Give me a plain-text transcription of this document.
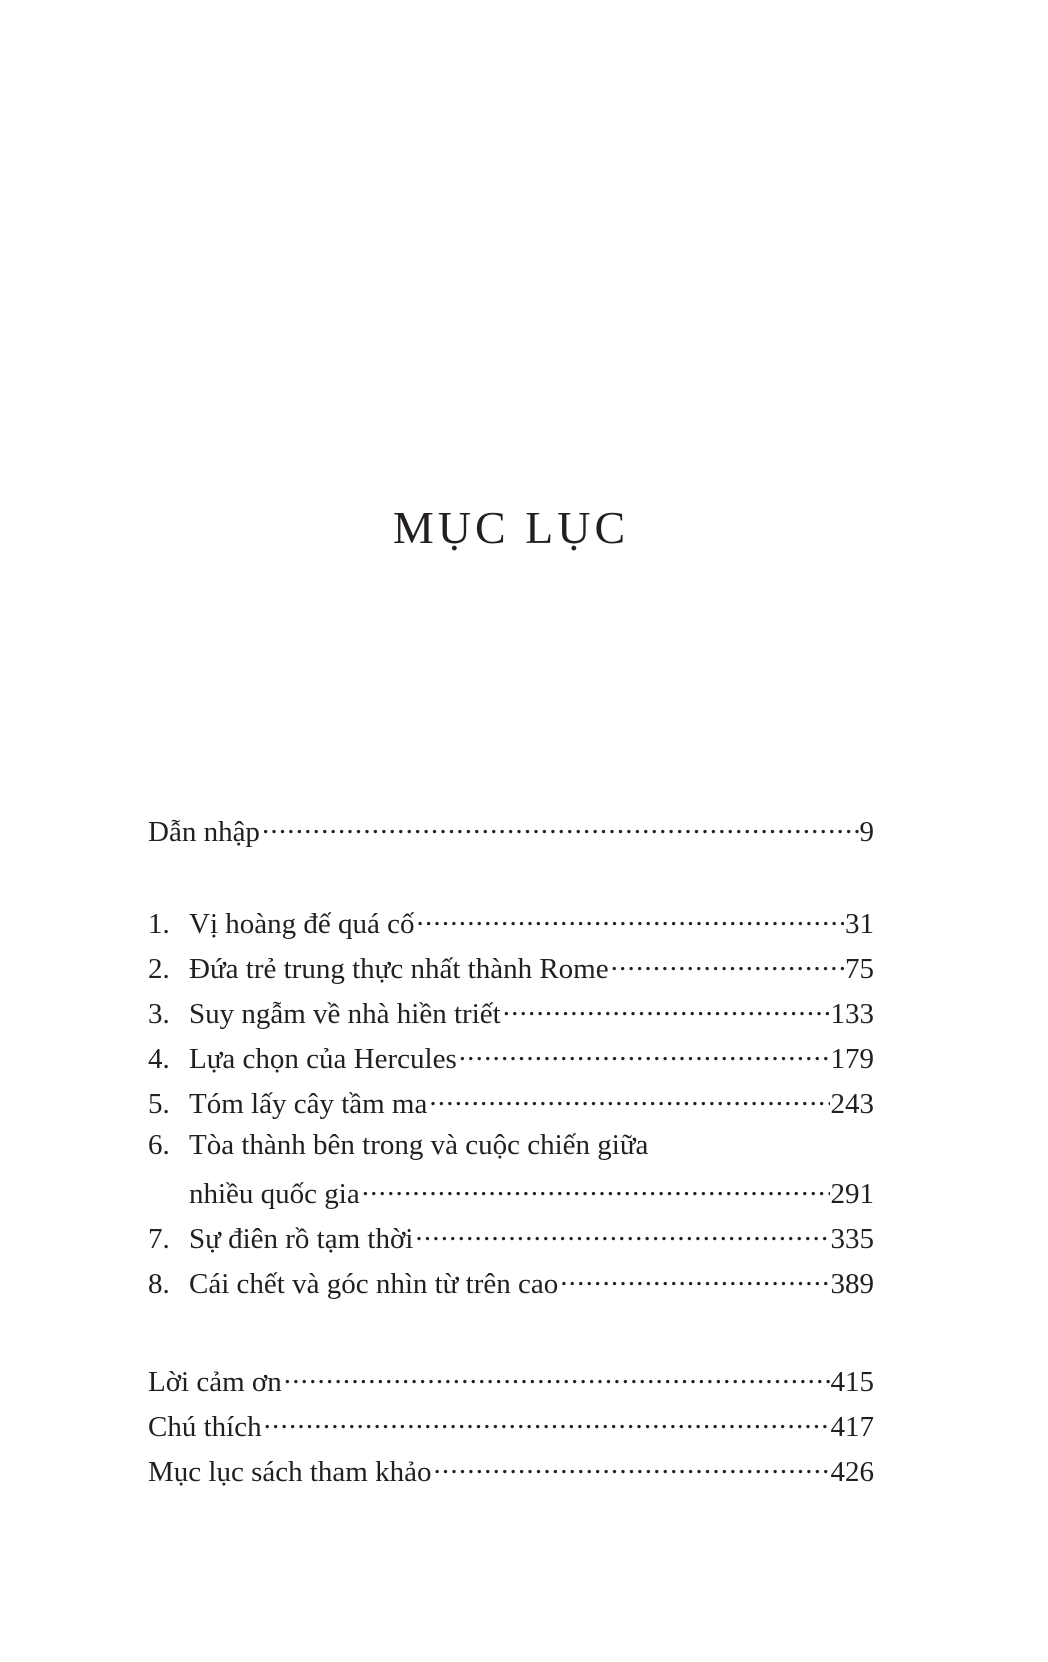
MỤC LỤC
Dẫn nhập .....	9
1. Vị hoàng đế quá cố .....	31
2. Đứa trẻ trung thực nhất thành Rome .....	75
3. Suy ngẫm về nhà hiền triết .....	133
4. Lựa chọn của Hercules .....	179
5. Tóm lấy cây tầm ma .....	243
6. Tòa thành bên trong và cuộc chiến giữa
nhiều quốc gia .....	291
7. Sự điên rồ tạm thời .....	335
8. Cái chết và góc nhìn từ trên cao .....	389
Lời cảm ơn .....	415
Chú thích .....	417
Mục lục sách tham khảo .....	426
